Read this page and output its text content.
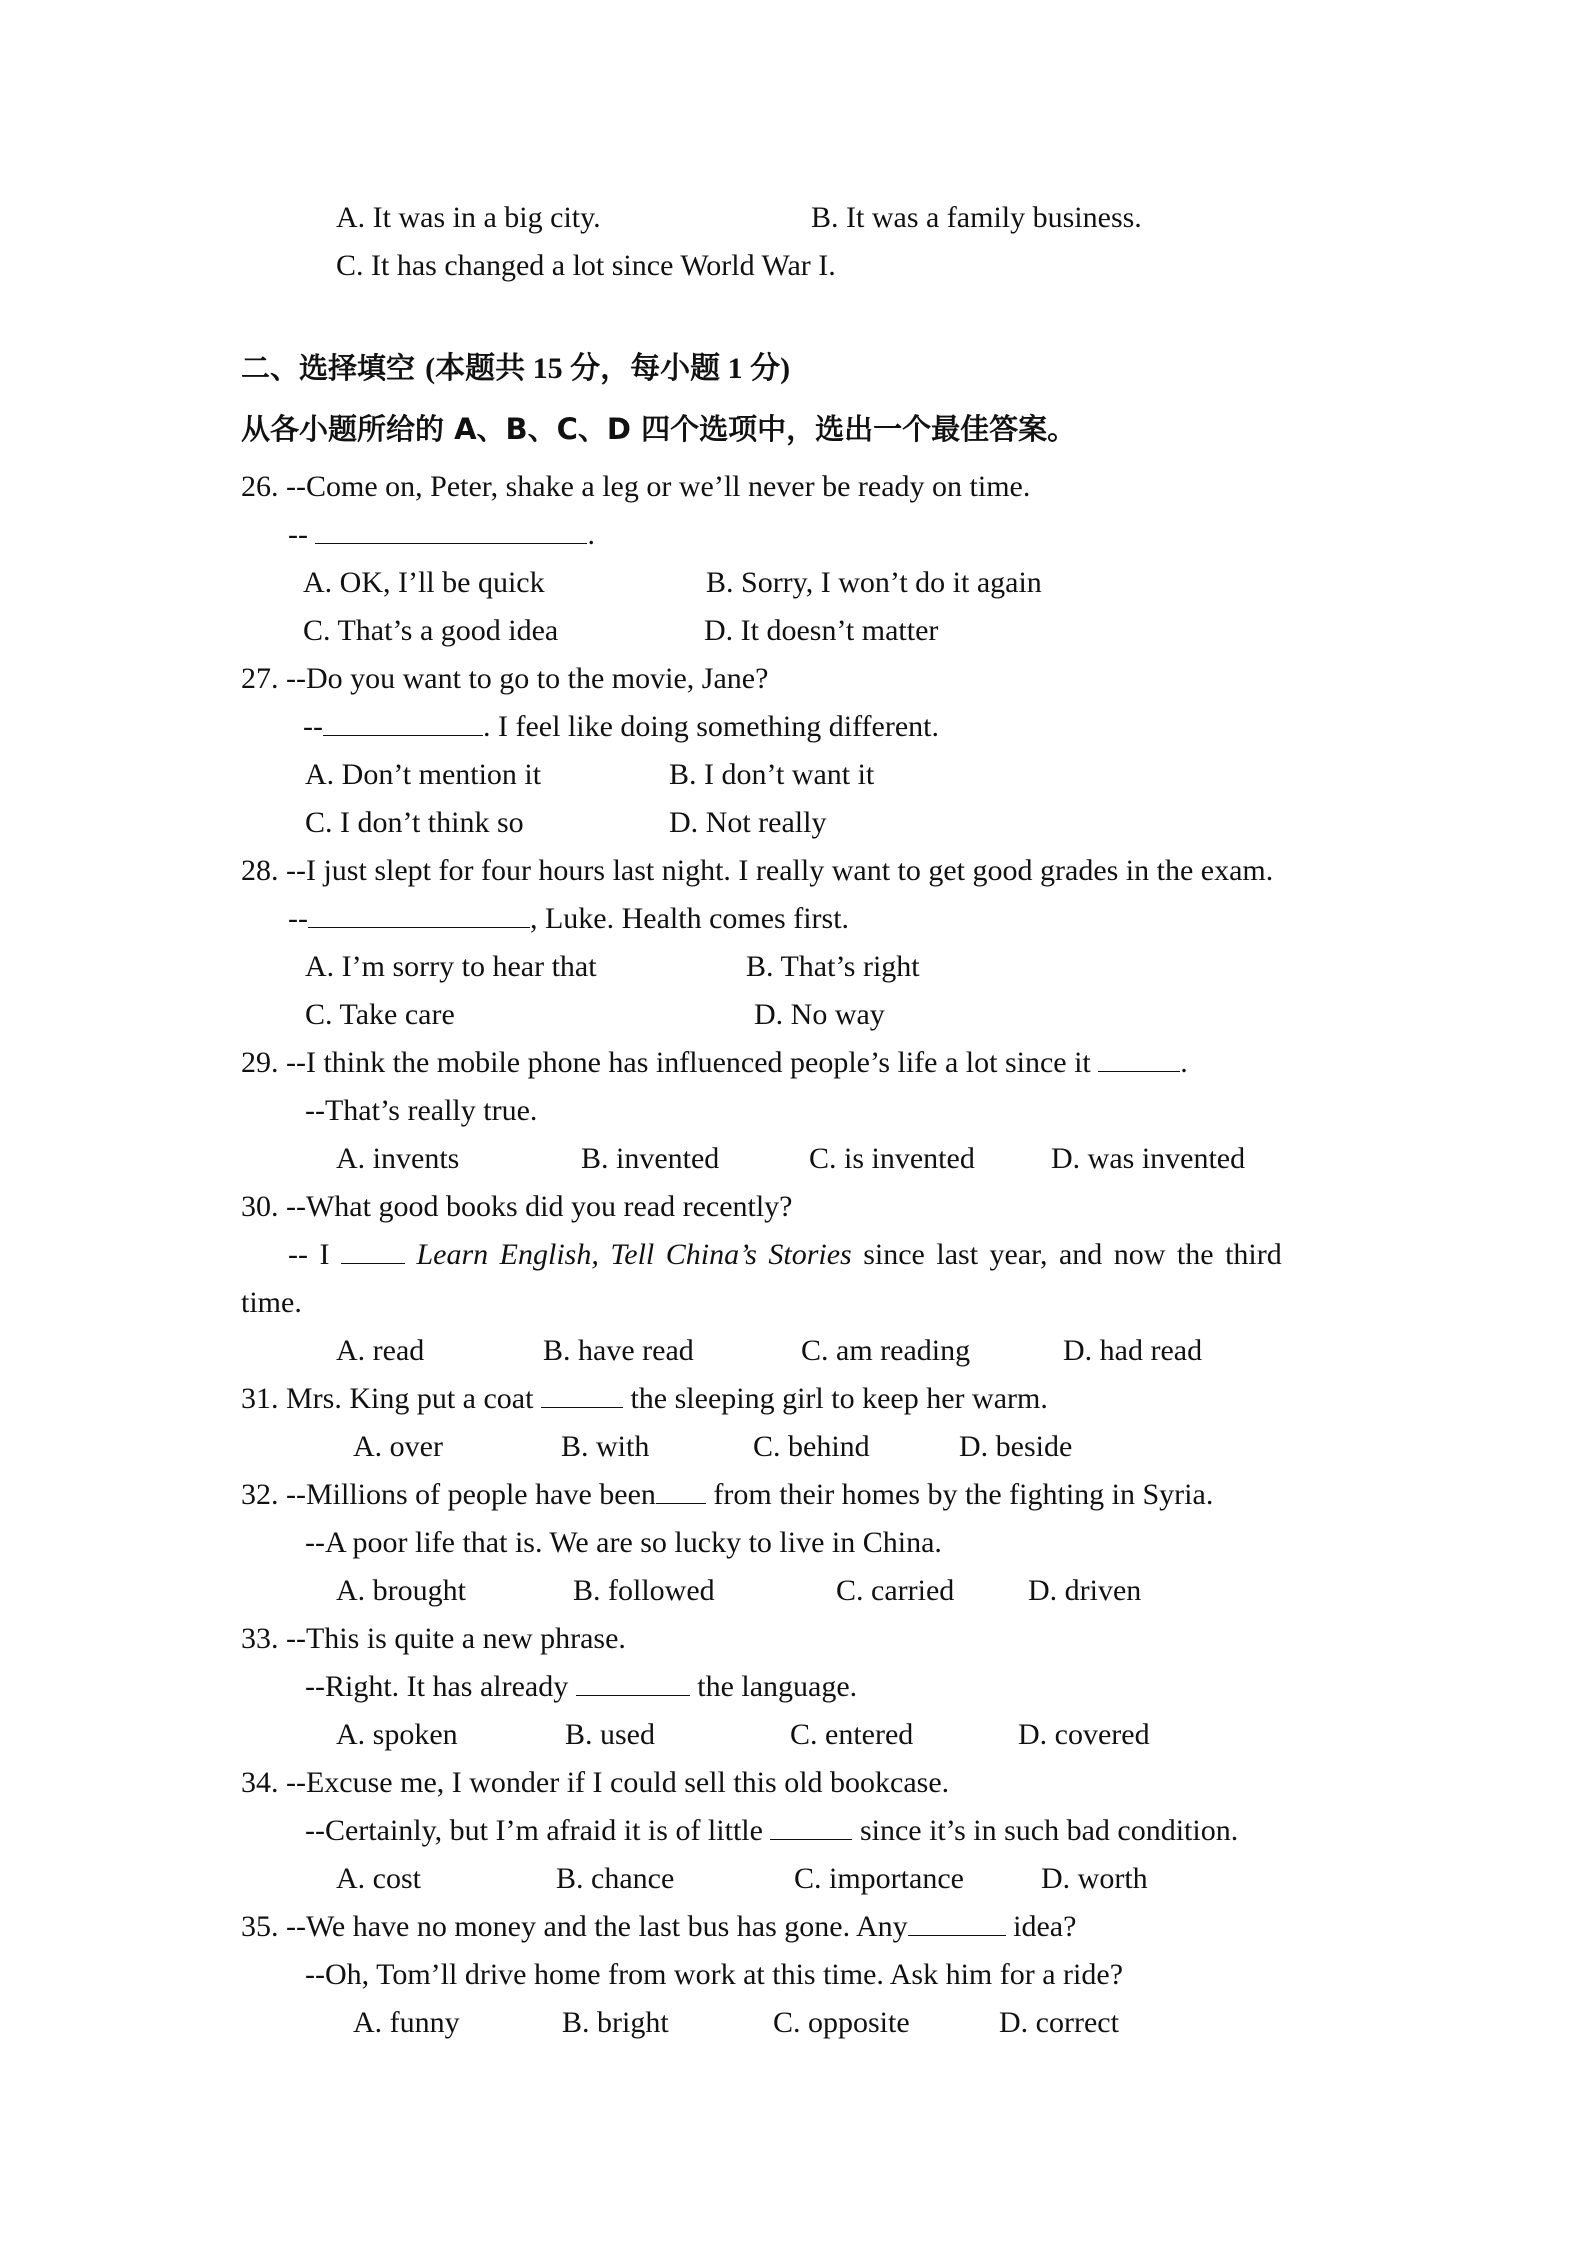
A. It was in a big city.	B. It was a family business.
C. It has changed a lot since World War I.
二、选择填空 (本题共 15 分，每小题 1 分)
从各小题所给的 A、B、C、D 四个选项中，选出一个最佳答案。
26. --Come on, Peter, shake a leg or we’ll never be ready on time.
--	.
A. OK, I’ll be quick	B. Sorry, I won’t do it again
C. That’s a good idea	D. It doesn’t matter
27. --Do you want to go to the movie, Jane?
--	. I feel like doing something different.
A. Don’t mention it	B. I don’t want it
C. I don’t think so	D. Not really
28. --I just slept for four hours last night. I really want to get good grades in the exam.
--	, Luke. Health comes first.
A. I’m sorry to hear that	B. That’s right
C. Take care	D. No way
29. --I think the mobile phone has influenced people’s life a lot since it	.
--That’s really true.
A. invents	B. invented	C. is invented	D. was invented
30. --What good books did you read recently?
-- I	Learn English, Tell China’s Stories since last year, and now the third
time.
A. read	B. have read	C. am reading	D. had read
31. Mrs. King put a coat	the sleeping girl to keep her warm.
A. over	B. with	C. behind	D. beside
32. --Millions of people have been from their homes by the fighting in Syria.
--A poor life that is. We are so lucky to live in China.
A. brought	B. followed	C. carried D. driven
33. --This is quite a new phrase.
--Right. It has already	the language.
A. spoken	B. used	C. entered	D. covered
34. --Excuse me, I wonder if I could sell this old bookcase.
--Certainly, but I’m afraid it is of little	since it’s in such bad condition.
A. cost	B. chance	C. importance	D. worth
35. --We have no money and the last bus has gone. Any	idea?
--Oh, Tom’ll drive home from work at this time. Ask him for a ride?
A. funny	B. bright	C. opposite	D. correct
